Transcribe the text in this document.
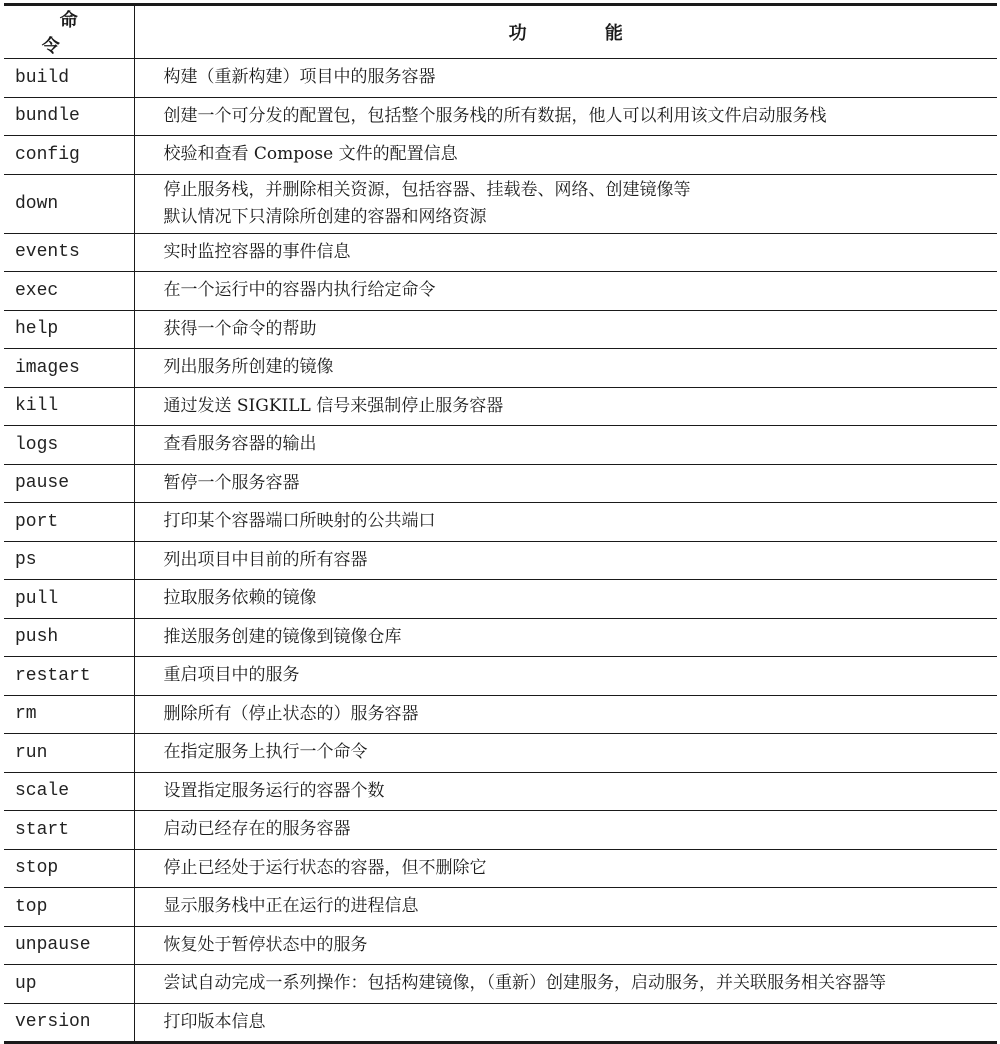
命 令	功 能
build	构建（重新构建）项目中的服务容器

bundle	创建一个可分发的配置包，包括整个服务栈的所有数据，他人可以利用该文件启动服务栈

config	校验和查看 Compose 文件的配置信息

down	停止服务栈，并删除相关资源，包括容器、挂载卷、网络、创建镜像等
默认情况下只清除所创建的容器和网络资源

events	实时监控容器的事件信息

exec	在一个运行中的容器内执行给定命令

help	获得一个命令的帮助

images	列出服务所创建的镜像

kill	通过发送 SIGKILL 信号来强制停止服务容器

logs	查看服务容器的输出

pause	暂停一个服务容器

port	打印某个容器端口所映射的公共端口

ps	列出项目中目前的所有容器

pull	拉取服务依赖的镜像

push	推送服务创建的镜像到镜像仓库

restart	重启项目中的服务

rm	删除所有（停止状态的）服务容器

run	在指定服务上执行一个命令

scale	设置指定服务运行的容器个数

start	启动已经存在的服务容器

stop	停止已经处于运行状态的容器，但不删除它

top	显示服务栈中正在运行的进程信息

unpause	恢复处于暂停状态中的服务

up	尝试自动完成一系列操作：包括构建镜像，（重新）创建服务，启动服务，并关联服务相关容器等

version	打印版本信息
